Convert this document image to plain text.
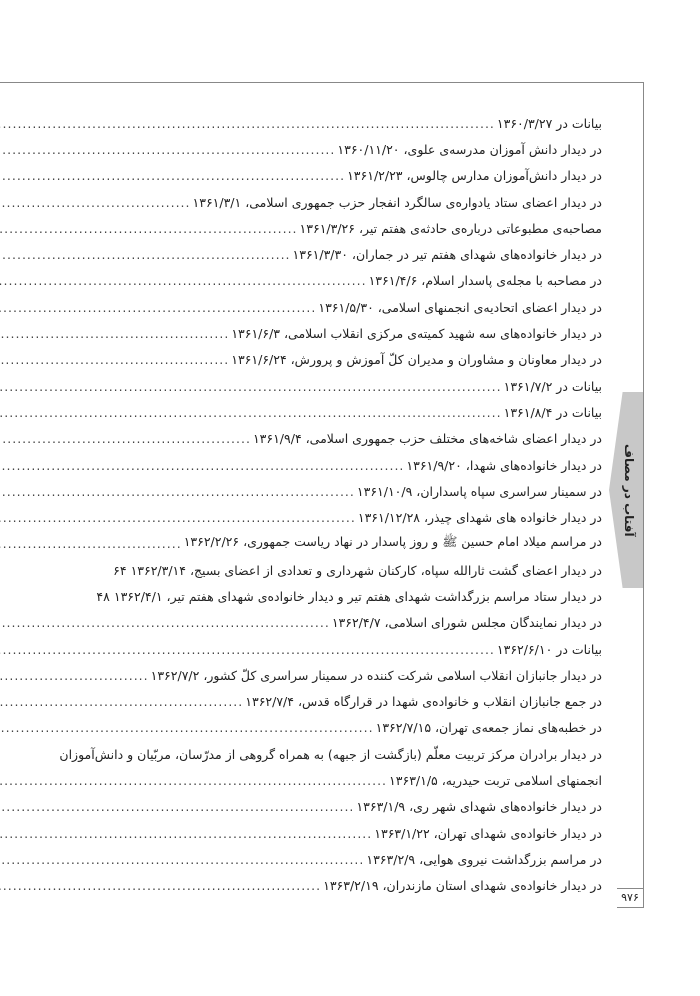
آفتاب در مصاف
۹۷۶
بیانات در ۱۳۶۰/۳/۲۷
.....
در دیدار دانش آموزان مدرسه‌ی علوی، ۱۳۶۰/۱۱/۲۰
.....
در دیدار دانش‌آموزان مدارس چالوس، ۱۳۶۱/۲/۲۳
.....
در دیدار اعضای ستاد یادواره‌ی سالگرد انفجار حزب جمهوری اسلامی، ۱۳۶۱/۳/۱
.....
مصاحبه‌ی مطبوعاتی درباره‌ی حادثه‌ی هفتم تیر، ۱۳۶۱/۳/۲۶
.....
در دیدار خانواده‌های شهدای هفتم تیر در جماران، ۱۳۶۱/۳/۳۰
.....
در مصاحبه با مجله‌ی پاسدار اسلام، ۱۳۶۱/۴/۶
.....
در دیدار اعضای اتحادیه‌ی انجمنهای اسلامی، ۱۳۶۱/۵/۳۰
.....
در دیدار خانواده‌های سه شهید کمیته‌ی مرکزی انقلاب اسلامی، ۱۳۶۱/۶/۳
.....
در دیدار معاونان و مشاوران و مدیران کلّ آموزش و پرورش، ۱۳۶۱/۶/۲۴
.....
بیانات در ۱۳۶۱/۷/۲
.....
بیانات در ۱۳۶۱/۸/۴
.....
در دیدار اعضای شاخه‌های مختلف حزب جمهوری اسلامی، ۱۳۶۱/۹/۴
.....
در دیدار خانواده‌های شهدا، ۱۳۶۱/۹/۲۰
.....
در سمینار سراسری سپاه پاسداران، ۱۳۶۱/۱۰/۹
.....
در دیدار خانواده های شهدای چیذر، ۱۳۶۱/۱۲/۲۸
.....
در مراسم میلاد امام حسین ﷺ و روز پاسدار در نهاد ریاست جمهوری، ۱۳۶۲/۲/۲۶
.....
در دیدار اعضای گشت ثارالله سپاه، کارکنان شهرداری و تعدادی از اعضای بسیج، ۱۳۶۲/۳/۱۴
۶۴
در دیدار ستاد مراسم بزرگداشت شهدای هفتم تیر و دیدار خانواده‌ی شهدای هفتم تیر، ۱۳۶۲/۴/۱
۴۸
در دیدار نمایندگان مجلس شورای اسلامی، ۱۳۶۲/۴/۷
.....
بیانات در ۱۳۶۲/۶/۱۰
.....
در دیدار جانبازان انقلاب اسلامی شرکت کننده در سمینار سراسری کلّ کشور، ۱۳۶۲/۷/۲
.....
در جمع جانبازان انقلاب و خانواده‌ی شهدا در قرارگاه قدس، ۱۳۶۲/۷/۴
.....
در خطبه‌های نماز جمعه‌ی تهران، ۱۳۶۲/۷/۱۵
.....
در دیدار برادران مرکز تربیت معلّم (بازگشت از جبهه) به همراه گروهی از مدرّسان، مربّیان و دانش‌آموزان
انجمنهای اسلامی تربت حیدریه، ۱۳۶۳/۱/۵
.....
در دیدار خانواده‌های شهدای شهر ری، ۱۳۶۳/۱/۹
.....
در دیدار خانواده‌ی شهدای تهران، ۱۳۶۳/۱/۲۲
.....
در مراسم بزرگداشت نیروی هوایی، ۱۳۶۳/۲/۹
.....
در دیدار خانواده‌ی شهدای استان مازندران، ۱۳۶۳/۲/۱۹
.....
